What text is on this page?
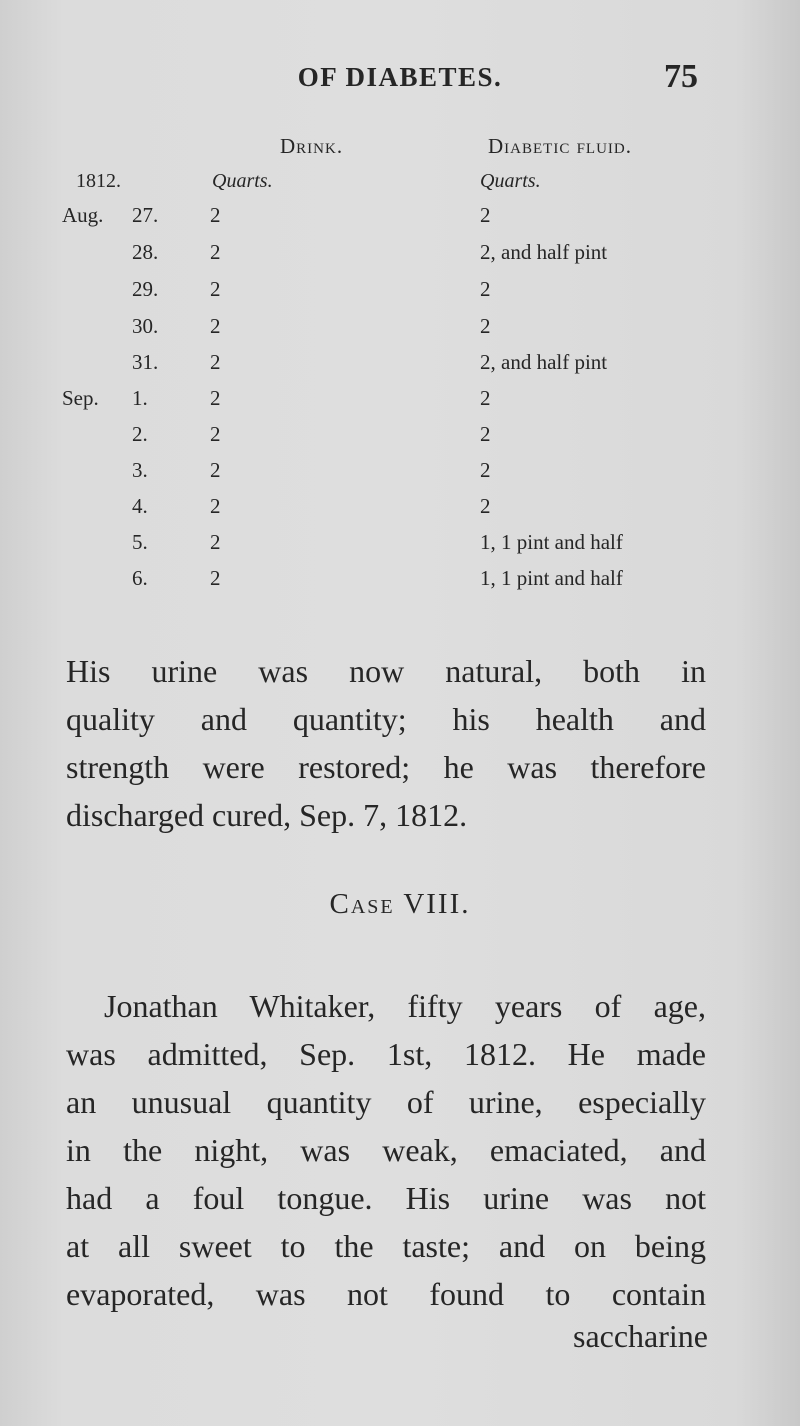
OF DIABETES.	75
Drink.	Diabetic fluid.
1812.	Quarts.	Quarts.
Aug. 27. 2	2
28. 2	2, and half pint
29. 2	2
30. 2	2
31. 2	2, and half pint
Sep. 1.	2	2
2.	2	2
3.	2	2
4.	2	2
5.	2	1, 1 pint and half
6.	2	1, 1 pint and half
His urine was now natural, both in
quality and quantity; his health and
strength were restored; he was therefore
discharged cured, Sep. 7, 1812.
Case VIII.
Jonathan Whitaker, fifty years of age,
was admitted, Sep. 1st, 1812. He made
an unusual quantity of urine, especially
in the night, was weak, emaciated, and
had a foul tongue. His urine was not
at all sweet to the taste; and on being
evaporated, was not found to contain
saccharine
